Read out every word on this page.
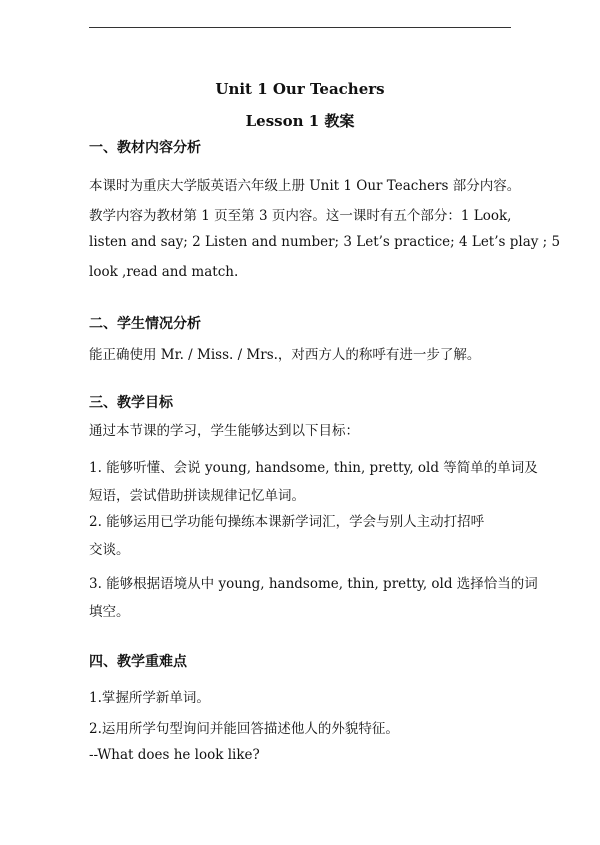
Unit 1 Our Teachers
Lesson 1 教案
一、教材内容分析
本课时为重庆大学版英语六年级上册 Unit 1 Our Teachers 部分内容。
教学内容为教材第 1 页至第 3 页内容。这一课时有五个部分：1 Look,
listen and say; 2 Listen and number; 3 Let’s practice; 4 Let’s play ; 5
look ,read and match.
二、学生情况分析
能正确使用 Mr. / Miss. / Mrs.，对西方人的称呼有进一步了解。
三、教学目标
通过本节课的学习，学生能够达到以下目标：
1. 能够听懂、会说 young, handsome, thin, pretty, old 等简单的单词及
短语，尝试借助拼读规律记忆单词。
2. 能够运用已学功能句操练本课新学词汇，学会与别人主动打招呼
交谈。
3. 能够根据语境从中 young, handsome, thin, pretty, old 选择恰当的词
填空。
四、教学重难点
1.掌握所学新单词。
2.运用所学句型询问并能回答描述他人的外貌特征。
--What does he look like?
